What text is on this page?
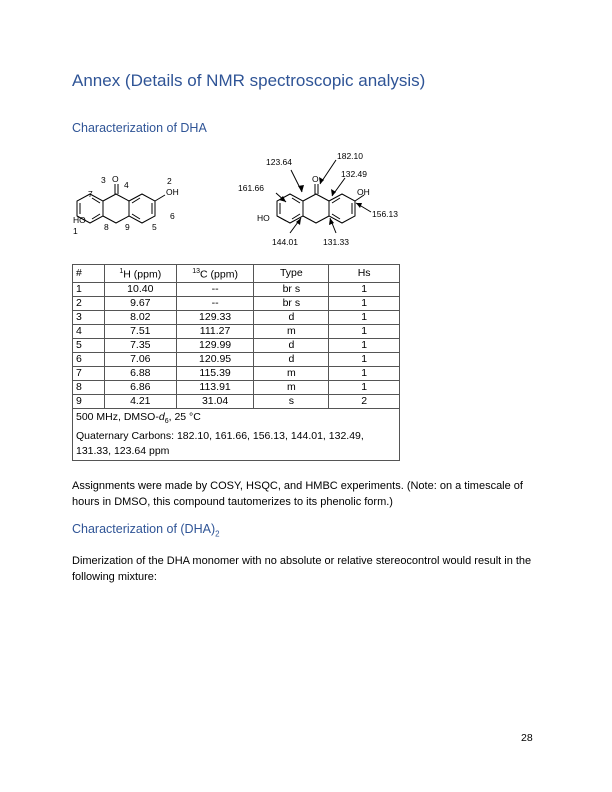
Annex (Details of NMR spectroscopic analysis)
Characterization of DHA
3 O
4	2
OH
7
6
HO
1	8 9	5
123.64
182.10
132.49
O
161.66	OH
156.13
HO
144.01	131.33
#	$^1$H (ppm)	$^{13}$C (ppm)	Type	Hs
1	10.40	--	br s	1
2	9.67	--	br s	1
3	8.02	129.33	d	1
4	7.51	111.27	m	1
5	7.35	129.99	d	1
6	7.06	120.95	d	1
7	6.88	115.39	m	1
8	6.86	113.91	m	1
9	4.21	31.04	s	2
500 MHz, DMSO-$d_6$, 25 °C
Quaternary Carbons: 182.10, 161.66, 156.13, 144.01, 132.49, 131.33, 123.64 ppm				
Assignments were made by COSY, HSQC, and HMBC experiments. (Note: on a timescale of hours in DMSO, this compound tautomerizes to its phenolic form.)
Characterization of $(DHA)_2$
Dimerization of the DHA monomer with no absolute or relative stereocontrol would result in the following mixture:
28
